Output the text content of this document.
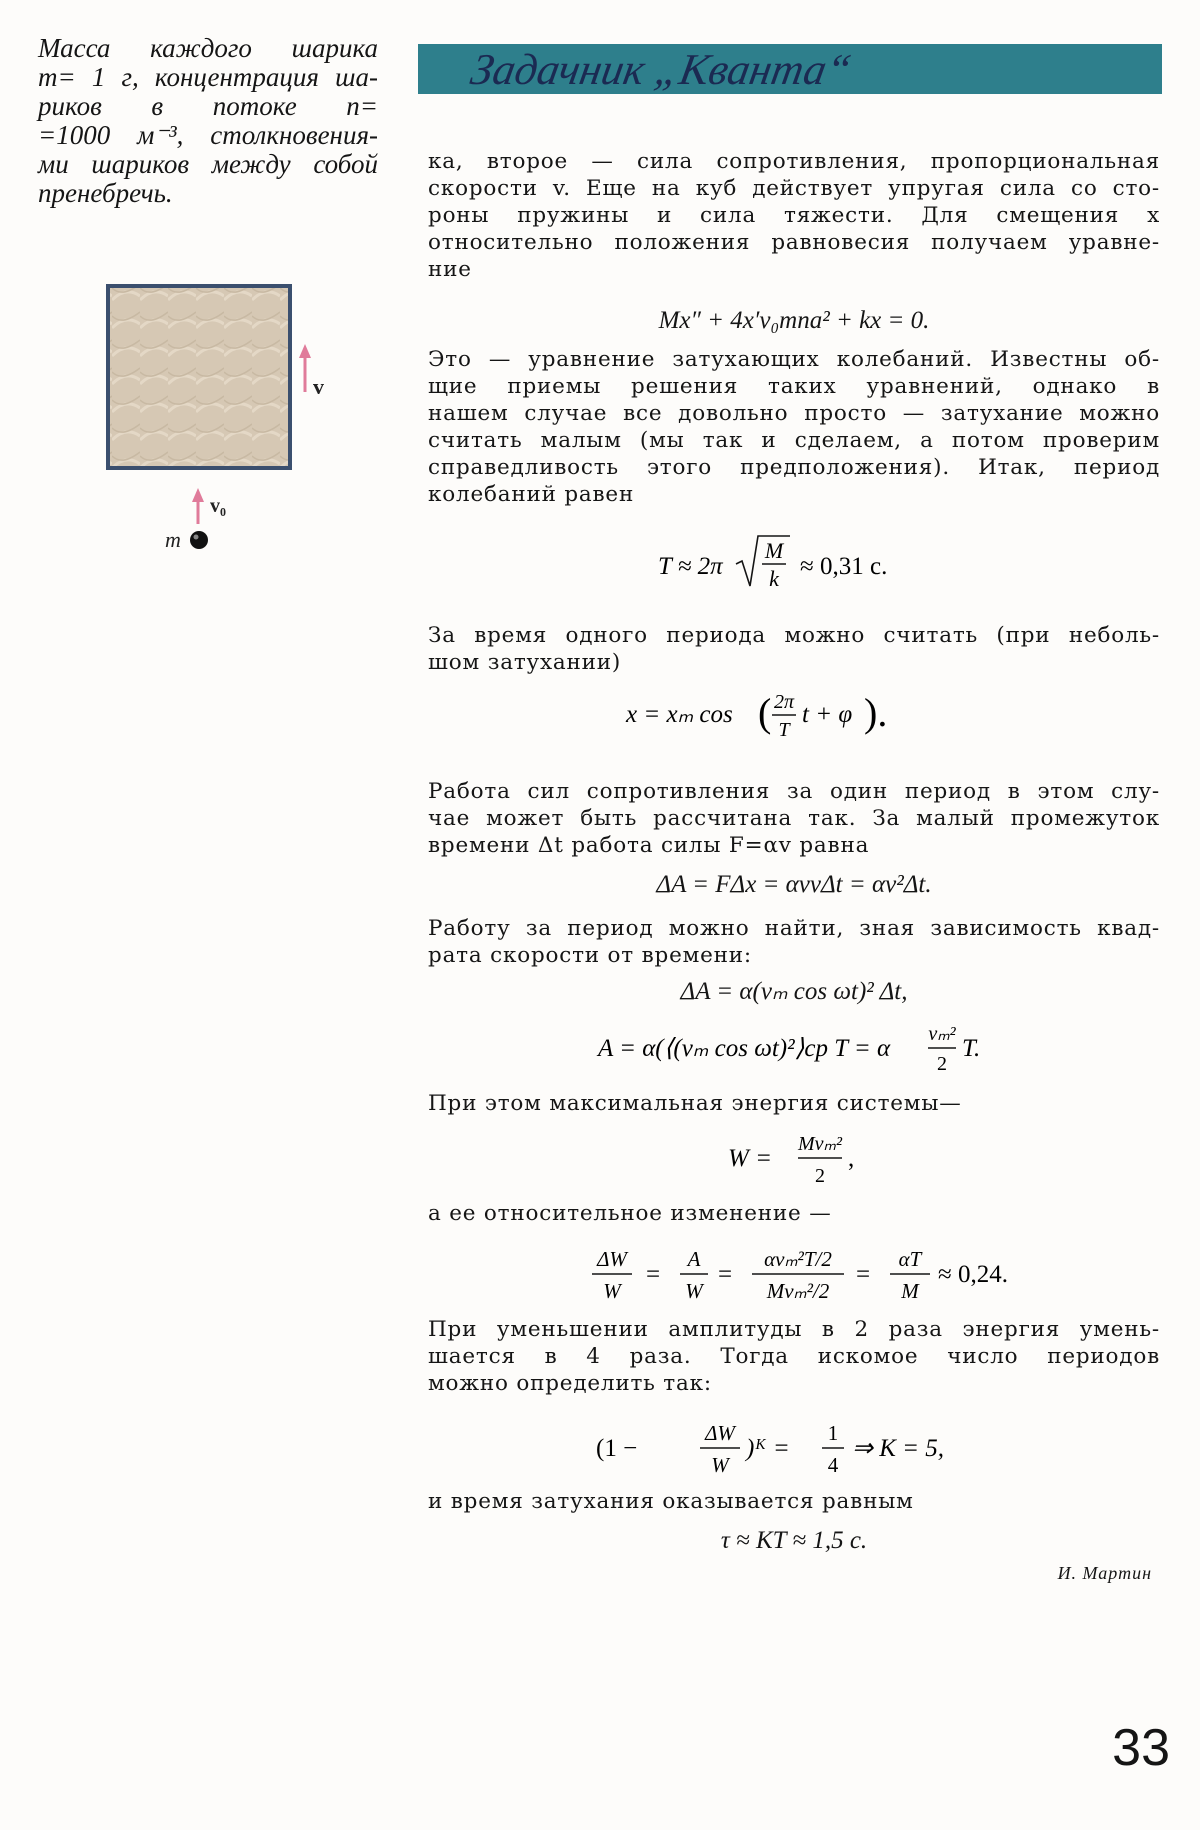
Масса каждого шарика
m= 1 г, концентрация ша-
риков в потоке n=
=1000 м⁻³, столкновения-
ми шариков между собой
пренебречь.
v
v₀
m
Задачник „Кванта“
ка, второе — сила сопротивления, пропорциональная
скорости v. Еще на куб действует упругая сила со сто-
роны пружины и сила тяжести. Для смещения x
относительно положения равновесия получаем уравне-
ние
Mx″ + 4x′v₀mna² + kx = 0.
Это — уравнение затухающих колебаний. Известны об-
щие приемы решения таких уравнений, однако в
нашем случае все довольно просто — затухание можно
считать малым (мы так и сделаем, а потом проверим
справедливость этого предположения). Итак, период
колебаний равен
T ≈ 2π
M
k ≈ 0,31 с.
За время одного периода можно считать (при неболь-
шом затухании)
x = xₘ cos ( 2π
T
t + φ ).
Работа сил сопротивления за один период в этом слу-
чае может быть рассчитана так. За малый промежуток
времени Δt работа силы F=αv равна
ΔA = FΔx = αvvΔt = αv²Δt.
Работу за период можно найти, зная зависимость квад-
рата скорости от времени:
ΔA = α(vₘ cos ωt)² Δt,
A = α(⟨(vₘ cos ωt)²⟩ср T = α
vₘ²
2
T.
При этом максимальная энергия системы—
W =
Mvₘ²
2
,
а ее относительное изменение —
ΔW
W
=
A
W
=
αvₘ²T/2
Mvₘ²/2
=
αT
M
≈ 0,24.
При уменьшении амплитуды в 2 раза энергия умень-
шается в 4 раза. Тогда искомое число периодов
можно определить так:
(1 −
ΔW
W
)ᴷ =
1
4
⇒ K = 5,
и время затухания оказывается равным
τ ≈ KT ≈ 1,5 с.
И. Мартин
33
